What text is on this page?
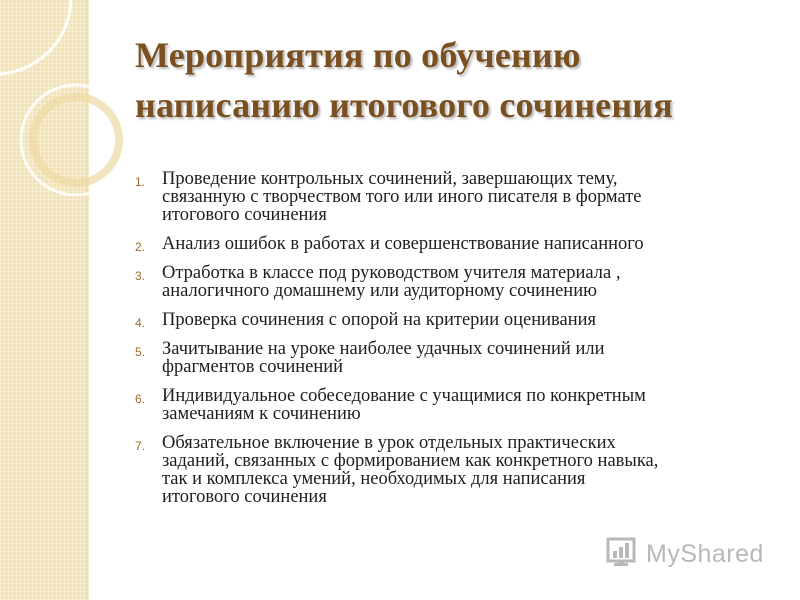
Мероприятия по обучению
написанию итогового сочинения
1. Проведение контрольных сочинений, завершающих тему,
связанную с творчеством того или иного писателя в формате
итогового сочинения
2. Анализ ошибок в работах и совершенствование написанного
3. Отработка в классе под руководством учителя материала ,
аналогичного домашнему или аудиторному сочинению
4. Проверка сочинения с опорой на критерии оценивания
5. Зачитывание на уроке наиболее удачных сочинений или
фрагментов сочинений
6. Индивидуальное собеседование с учащимися по конкретным
замечаниям к сочинению
7. Обязательное включение в урок отдельных практических
заданий, связанных с формированием как конкретного навыка,
так и комплекса умений, необходимых для написания
итогового сочинения
MyShared
